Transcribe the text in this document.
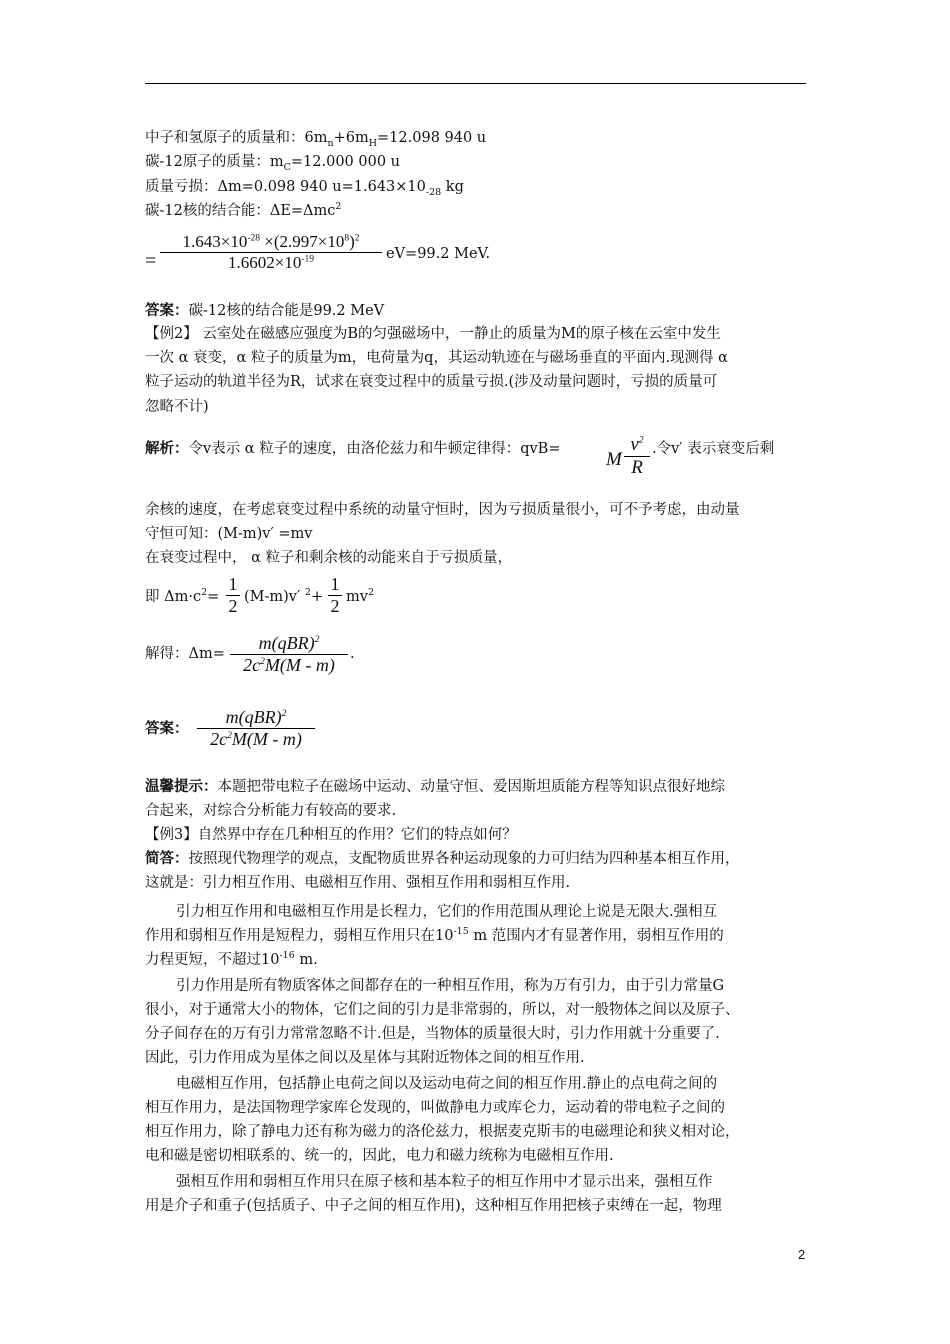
中子和氢原子的质量和：$6m_n+6m_H=12.098$ 940 u
碳-12原子的质量：$m_C=12.000$ 000 u
质量亏损：Δm=0.098 940 $u=1.643\times 10_{-28}$ kg
碳-12核的结合能：ΔE=Δmc$^2$
=
$1.643\times 10^{-28} \times(2.997\times 10^8)^2$
$1.6602\times 10^{-19}$	eV=99.2 MeV.
答案：碳-12核的结合能是99.2 MeV
【例2】 云室处在磁感应强度为B的匀强磁场中，一静止的质量为M的原子核在云室中发生
一次 α 衰变，α 粒子的质量为m，电荷量为q，其运动轨迹在与磁场垂直的平面内.现测得 α
粒子运动的轨道半径为R，试求在衰变过程中的质量亏损.(涉及动量问题时，亏损的质量可
忽略不计)
解析：令v表示 α 粒子的速度，由洛伦兹力和牛顿定律得：qvB= M
$v^2$
R
.令v′ 表示衰变后剩
余核的速度，在考虑衰变过程中系统的动量守恒时，因为亏损质量很小，可不予考虑，由动量
守恒可知：(M-m)v′ =mv
在衰变过程中， α 粒子和剩余核的动能来自于亏损质量，
即 $\Delta m\cdot c^2=$
1
2 (M-m)v′ $^2$+
1
2 $mv^2$
解得：Δm=
m(qBR)$^2$
$2c^2M(M - m)$
.
答案：
m(qBR)$^2$
$2c^2M(M - m)$
温馨提示：本题把带电粒子在磁场中运动、动量守恒、爱因斯坦质能方程等知识点很好地综
合起来，对综合分析能力有较高的要求.
【例3】自然界中存在几种相互的作用？它们的特点如何？
简答：按照现代物理学的观点，支配物质世界各种运动现象的力可归结为四种基本相互作用，
这就是：引力相互作用、电磁相互作用、强相互作用和弱相互作用.
引力相互作用和电磁相互作用是长程力，它们的作用范围从理论上说是无限大.强相互
作用和弱相互作用是短程力，弱相互作用只在$10^{-15}$ m 范围内才有显著作用，弱相互作用的
力程更短，不超过$10^{-16}$ m.
引力作用是所有物质客体之间都存在的一种相互作用，称为万有引力，由于引力常量G
很小，对于通常大小的物体，它们之间的引力是非常弱的，所以，对一般物体之间以及原子、
分子间存在的万有引力常常忽略不计.但是，当物体的质量很大时，引力作用就十分重要了.
因此，引力作用成为星体之间以及星体与其附近物体之间的相互作用.
电磁相互作用，包括静止电荷之间以及运动电荷之间的相互作用.静止的点电荷之间的
相互作用力，是法国物理学家库仑发现的，叫做静电力或库仑力，运动着的带电粒子之间的
相互作用力，除了静电力还有称为磁力的洛伦兹力，根据麦克斯韦的电磁理论和狭义相对论，
电和磁是密切相联系的、统一的，因此，电力和磁力统称为电磁相互作用.
强相互作用和弱相互作用只在原子核和基本粒子的相互作用中才显示出来，强相互作
用是介子和重子(包括质子、中子之间的相互作用)，这种相互作用把核子束缚在一起，物理
2
